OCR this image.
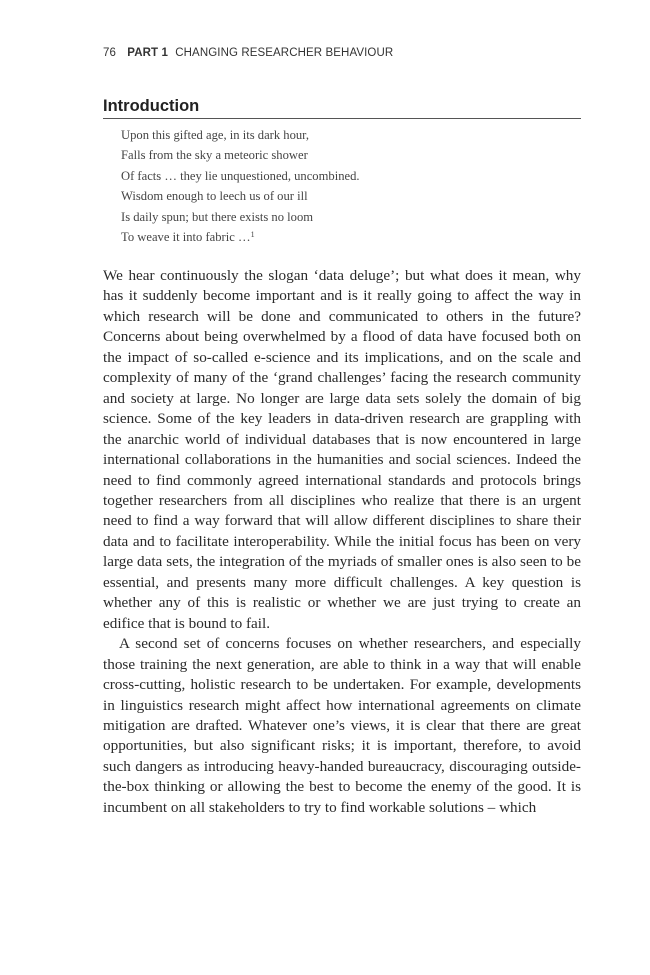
76 PART 1 CHANGING RESEARCHER BEHAVIOUR
Introduction
Upon this gifted age, in its dark hour,
Falls from the sky a meteoric shower
Of facts … they lie unquestioned, uncombined.
Wisdom enough to leech us of our ill
Is daily spun; but there exists no loom
To weave it into fabric …$^1$

We hear continuously the slogan ‘data deluge’; but what does it mean, why has it suddenly become important and is it really going to affect the way in which research will be done and communicated to others in the future? Concerns about being overwhelmed by a flood of data have focused both on the impact of so-called e-science and its implications, and on the scale and complexity of many of the ‘grand challenges’ facing the research community and society at large. No longer are large data sets solely the domain of big science. Some of the key leaders in data-driven research are grappling with the anarchic world of individual databases that is now encountered in large international collaborations in the humanities and social sciences. Indeed the need to find commonly agreed international standards and protocols brings together researchers from all disciplines who realize that there is an urgent need to find a way forward that will allow different disciplines to share their data and to facilitate interoperability. While the initial focus has been on very large data sets, the integration of the myriads of smaller ones is also seen to be essential, and presents many more difficult challenges. A key question is whether any of this is realistic or whether we are just trying to create an edifice that is bound to fail.

A second set of concerns focuses on whether researchers, and especially those training the next generation, are able to think in a way that will enable cross-cutting, holistic research to be undertaken. For example, developments in linguistics research might affect how international agreements on climate mitigation are drafted. Whatever one’s views, it is clear that there are great opportunities, but also significant risks; it is important, therefore, to avoid such dangers as introducing heavy-handed bureaucracy, discouraging outside-the-box thinking or allowing the best to become the enemy of the good. It is incumbent on all stakeholders to try to find workable solutions – which
